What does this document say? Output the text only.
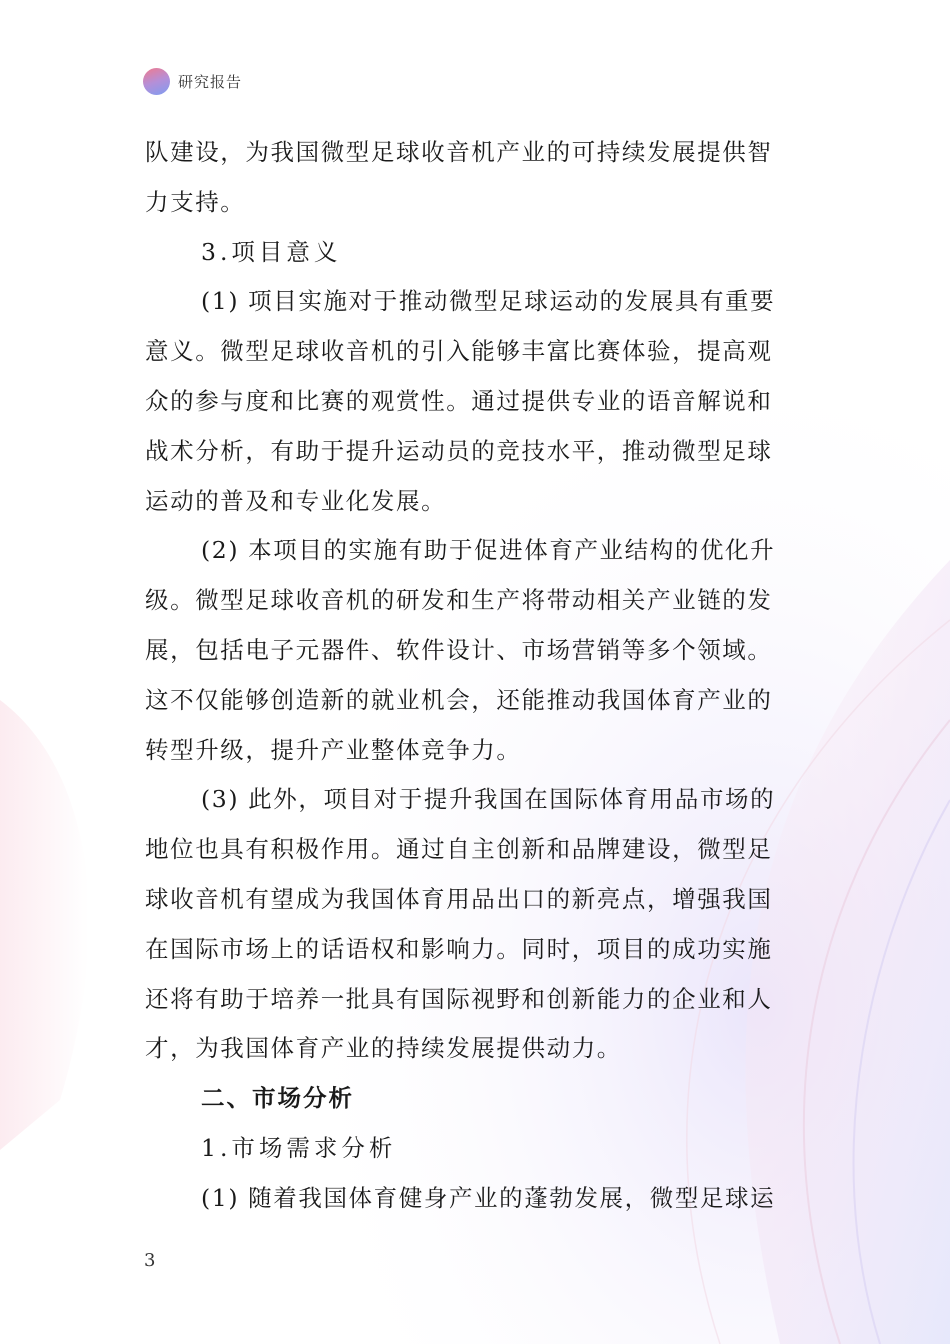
研究报告
队建设，为我国微型足球收音机产业的可持续发展提供智
力支持。
3.项目意义
(1) 项目实施对于推动微型足球运动的发展具有重要
意义。微型足球收音机的引入能够丰富比赛体验，提高观
众的参与度和比赛的观赏性。通过提供专业的语音解说和
战术分析，有助于提升运动员的竞技水平，推动微型足球
运动的普及和专业化发展。
(2) 本项目的实施有助于促进体育产业结构的优化升
级。微型足球收音机的研发和生产将带动相关产业链的发
展，包括电子元器件、软件设计、市场营销等多个领域。
这不仅能够创造新的就业机会，还能推动我国体育产业的
转型升级，提升产业整体竞争力。
(3) 此外，项目对于提升我国在国际体育用品市场的
地位也具有积极作用。通过自主创新和品牌建设，微型足
球收音机有望成为我国体育用品出口的新亮点，增强我国
在国际市场上的话语权和影响力。同时，项目的成功实施
还将有助于培养一批具有国际视野和创新能力的企业和人
才，为我国体育产业的持续发展提供动力。
二、市场分析
1.市场需求分析
(1) 随着我国体育健身产业的蓬勃发展，微型足球运
3
